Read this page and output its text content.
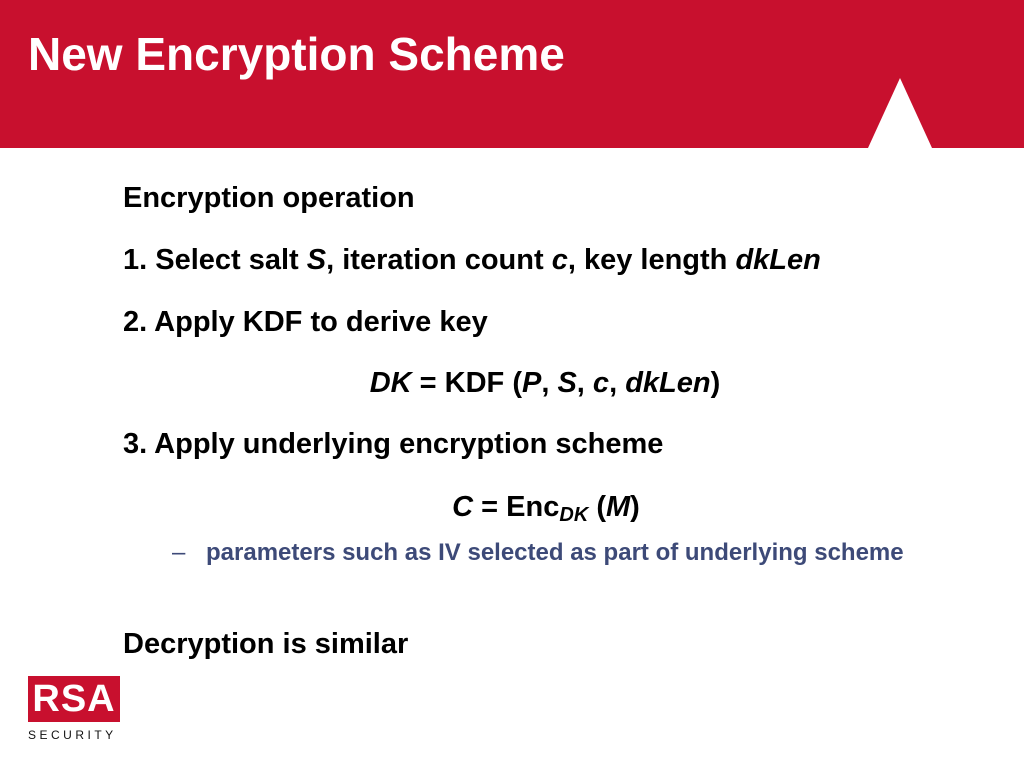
New Encryption Scheme
Encryption operation
1. Select salt S, iteration count c, key length dkLen
2. Apply KDF to derive key
DK = KDF (P, S, c, dkLen)
3. Apply underlying encryption scheme
C = Enc$_{DK}$ (M)
– parameters such as IV selected as part of underlying scheme
Decryption is similar
RSA
SECURITY
